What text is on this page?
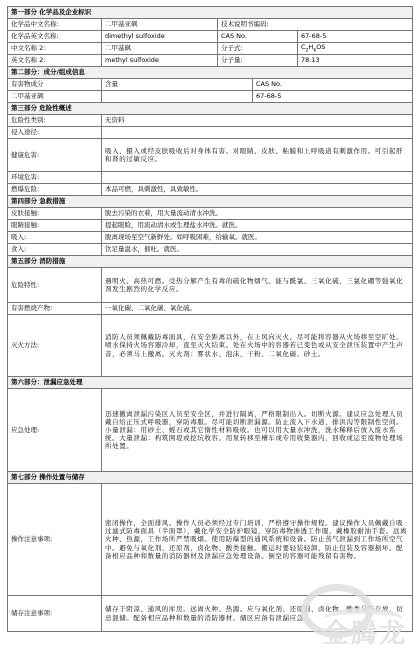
第一部分 化学品及企业标识				
化学品中文名称:	二甲基亚砜	技术说明书编码:		
化学品英文名称:	dimethyl sulfoxide	CAS No.		67-68-5
中文名称 2：	二甲基砜	分子式:		$C_2H_6OS$
英文名称 2：	methyl sulfoxide	分子量:		78.13
第二部分：成分/组成信息				
有害物成分	含量		CAS No.	
二甲基亚砜			67-68-5	
第三部分 危险性概述				
危险性类别:	无资料			
侵入途径:				
健康危害:	吸入、摄入或经皮肤吸收后对身体有害。对眼睛、皮肤、粘膜和上呼吸道有刺激作用。可引起肝和肾的过敏反应。			
环境危害:				
燃爆危险:	本品可燃，具刺激性，具致敏性。			
第四部分 急救措施				
皮肤接触:	脱去污染的衣着，用大量流动清水冲洗。			
眼睛接触:	提起眼睑，用流动清水或生理盐水冲洗。就医。			
吸入:	脱离现场至空气新鲜处。如呼吸困难，给输氧。就医。			
食入:	饮足量温水，催吐。就医。			
第五部分 消防措施				
危险特性:	遇明火、高热可燃。受热分解产生有毒的硫化物烟气。能与酰氯、三氧化硫、三氯化硼等强氧化剂发生剧烈的化学反应。			
有害燃烧产物:	一氧化碳、二氧化碳、氧化硫。			
灭火方法:	消防人员须佩戴防毒面具，在安全距离以外，在上风向灭火。尽可能将容器从火场移至空旷处。喷水保持火场容器冷却，直至灭火结束。处在火场中的容器若已变色或从安全泄压装置中产生声音，必须马上撤离。灭火剂：雾状水、泡沫、干粉、二氧化碳、砂土。			
第六部分：泄漏应急处理				
应急处理:	迅速撤离泄漏污染区人员至安全区，并进行隔离，严格限制出入。切断火源。建议应急处理人员戴自给正压式呼吸器，穿防毒服。尽可能切断泄漏源。防止流入下水道、排洪沟等限制性空间。小量泄漏：用砂土、蛭石或其它惰性材料吸收。也可以用大量水冲洗，洗水稀释后放入废水系统。大量泄漏：构筑围堤或挖坑收容。用泵转移至槽车或专用收集器内，回收或运至废物处理场所处置。			
第七部分 操作处置与储存				
操作注意事项:	密闭操作，全面排风。操作人员必须经过专门培训，严格遵守操作规程。建议操作人员佩戴自吸过滤式防毒面具（半面罩），戴化学安全防护眼镜，穿防毒物渗透工作服，戴橡胶耐油手套。远离火种、热源，工作场所严禁吸烟。使用防爆型的通风系统和设备。防止蒸气泄漏到工作场所空气中。避免与氧化剂、还原剂、卤化物、酸类接触。搬运时要轻装轻卸，防止包装及容器损坏。配备相应品种和数量的消防器材及泄漏应急处理设备。倒空的容器可能残留有害物。			
储存注意事项:	储存于阴凉、通风的库房。远离火种、热源。应与氧化剂、还原剂、卤化物、酸类分开存放，切忌混储。配备相应品种和数量的消防器材。储区应备有泄漏应急			
金腾龙
